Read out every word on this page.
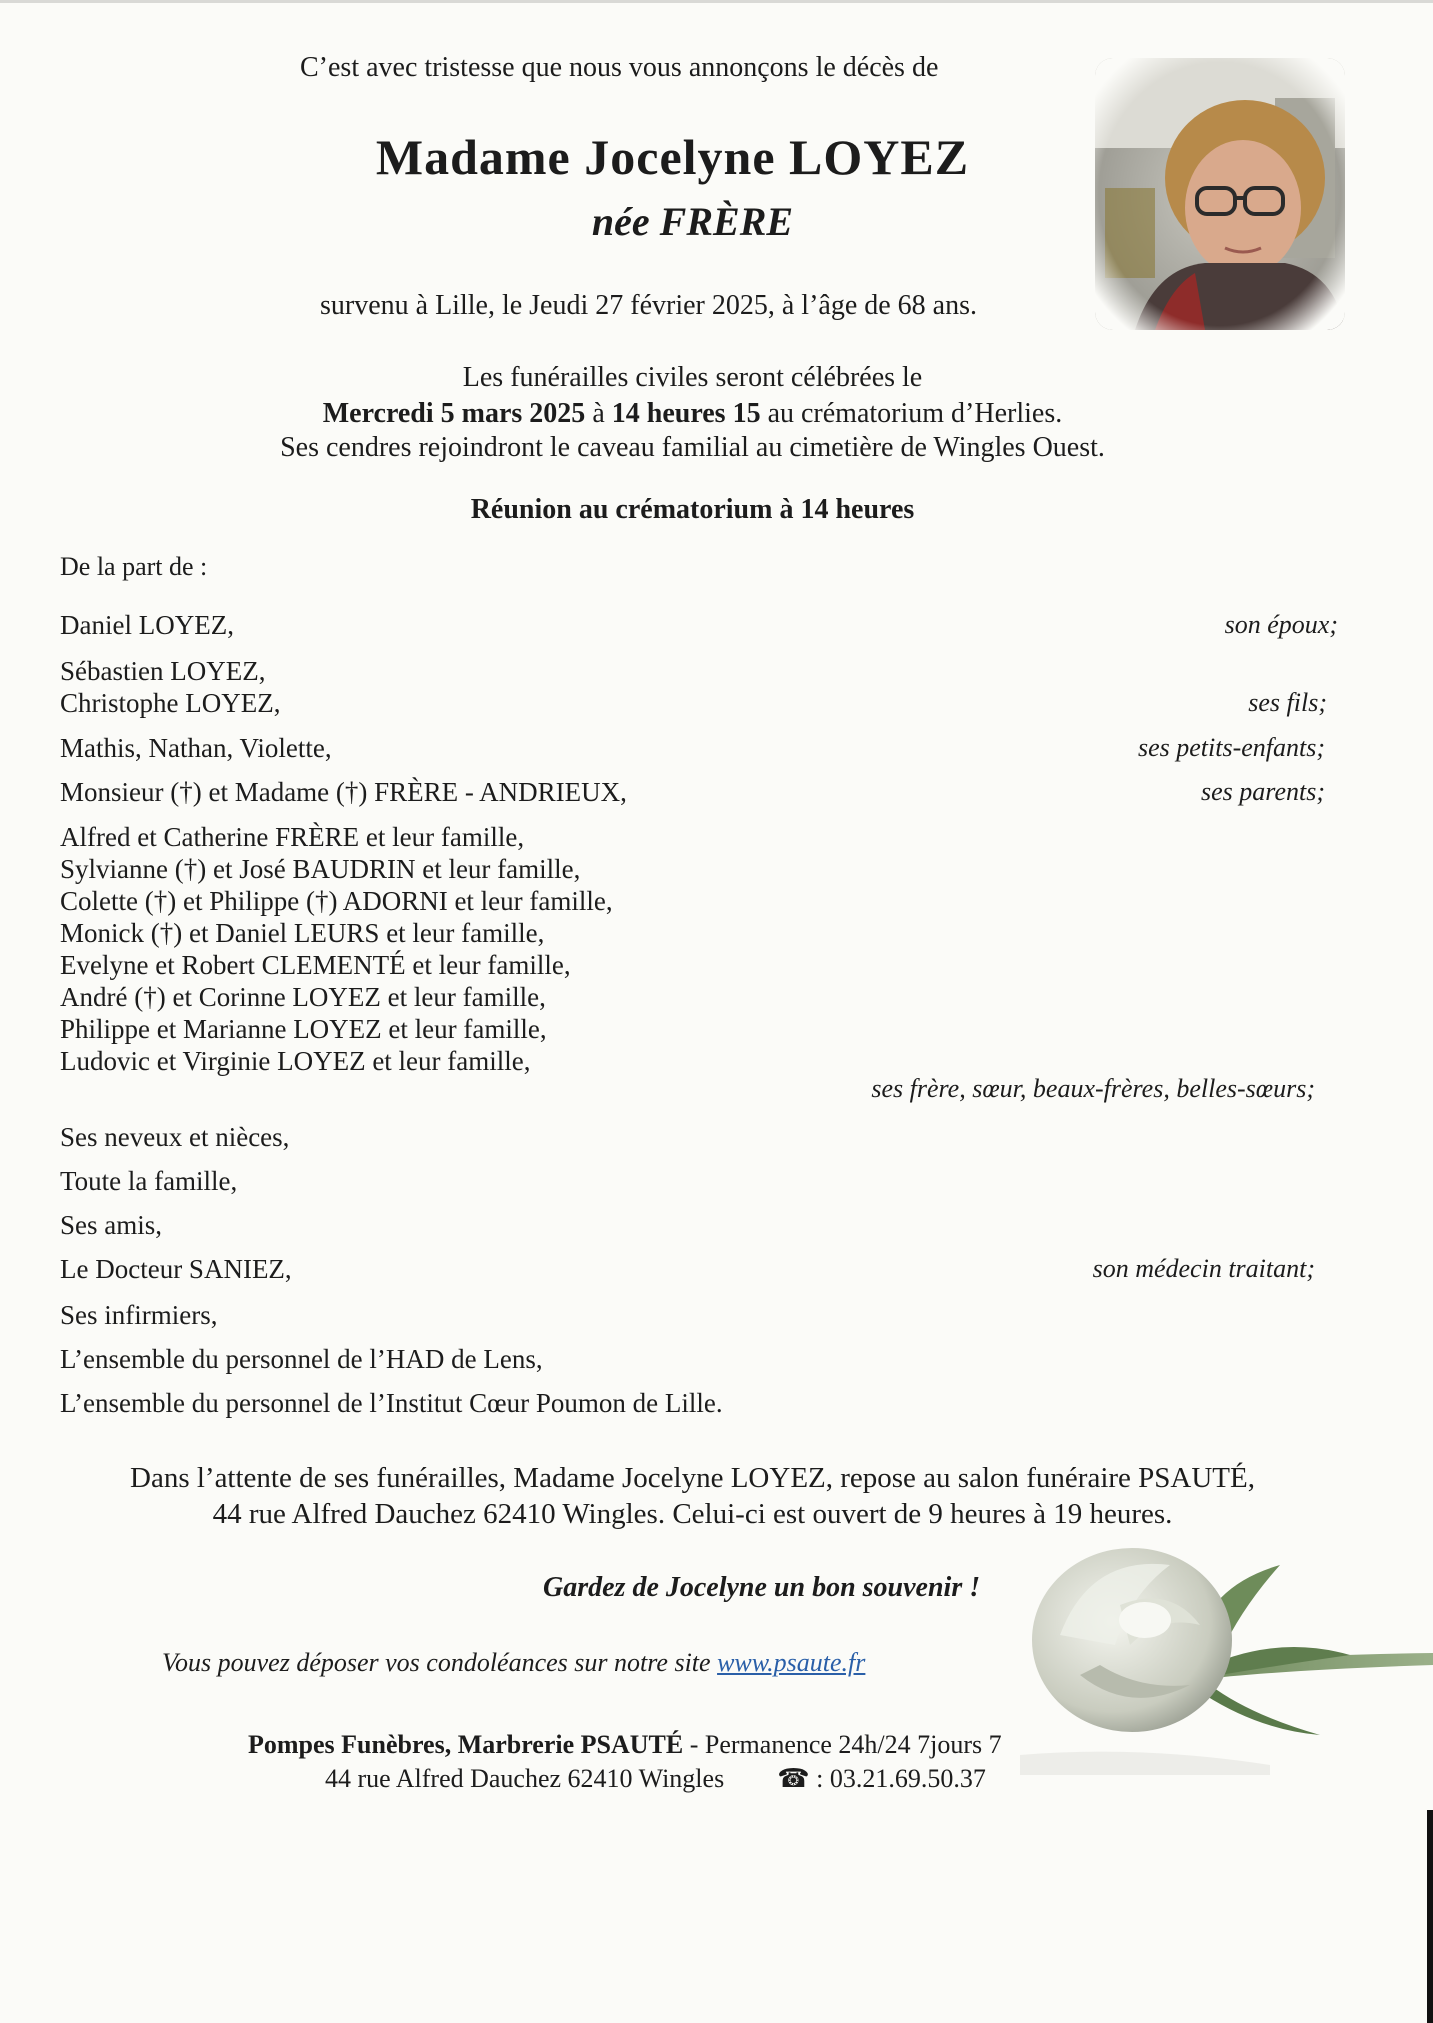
C’est avec tristesse que nous vous annonçons le décès de
Madame Jocelyne LOYEZ
née FRÈRE
survenu à Lille, le Jeudi 27 février 2025, à l’âge de 68 ans.
Les funérailles civiles seront célébrées le
Mercredi 5 mars 2025 à 14 heures 15 au crématorium d’Herlies.
Ses cendres rejoindront le caveau familial au cimetière de Wingles Ouest.
Réunion au crématorium à 14 heures
De la part de :
Daniel LOYEZ,	son époux;
Sébastien LOYEZ,
Christophe LOYEZ,	ses fils;
Mathis, Nathan, Violette,	ses petits-enfants;
Monsieur (†) et Madame (†) FRÈRE - ANDRIEUX,	ses parents;
Alfred et Catherine FRÈRE et leur famille,
Sylvianne (†) et José BAUDRIN et leur famille,
Colette (†) et Philippe (†) ADORNI et leur famille,
Monick (†) et Daniel LEURS et leur famille,
Evelyne et Robert CLEMENTÉ et leur famille,
André (†) et Corinne LOYEZ et leur famille,
Philippe et Marianne LOYEZ et leur famille,
Ludovic et Virginie LOYEZ et leur famille,
ses frère, sœur, beaux-frères, belles-sœurs;
Ses neveux et nièces,
Toute la famille,
Ses amis,
Le Docteur SANIEZ,	son médecin traitant;
Ses infirmiers,
L’ensemble du personnel de l’HAD de Lens,
L’ensemble du personnel de l’Institut Cœur Poumon de Lille.
Dans l’attente de ses funérailles, Madame Jocelyne LOYEZ, repose au salon funéraire PSAUTÉ,
44 rue Alfred Dauchez 62410 Wingles. Celui-ci est ouvert de 9 heures à 19 heures.
Gardez de Jocelyne un bon souvenir !
Vous pouvez déposer vos condoléances sur notre site www.psaute.fr
Pompes Funèbres, Marbrerie PSAUTÉ - Permanence 24h/24 7jours 7
44 rue Alfred Dauchez 62410 Wingles ☎ : 03.21.69.50.37
